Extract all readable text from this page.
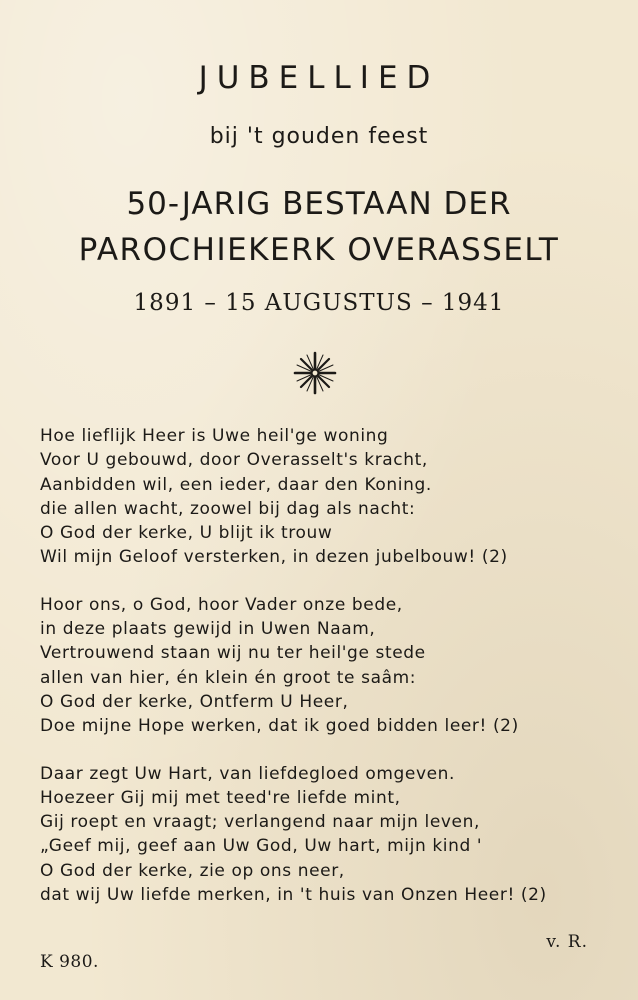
JUBELLIED
bij 't gouden feest
50-JARIG BESTAAN DER
PAROCHIEKERK OVERASSELT
1891 – 15 AUGUSTUS – 1941
Hoe lieflijk Heer is Uwe heil'ge woning
Voor U gebouwd, door Overasselt's kracht,
Aanbidden wil, een ieder, daar den Koning.
die allen wacht, zoowel bij dag als nacht:
O God der kerke, U blijt ik trouw
Wil mijn Geloof versterken, in dezen jubelbouw! (2)
Hoor ons, o God, hoor Vader onze bede,
in deze plaats gewijd in Uwen Naam,
Vertrouwend staan wij nu ter heil'ge stede
allen van hier, én klein én groot te saâm:
O God der kerke, Ontferm U Heer,
Doe mijne Hope werken, dat ik goed bidden leer! (2)
Daar zegt Uw Hart, van liefdegloed omgeven.
Hoezeer Gij mij met teed're liefde mint,
Gij roept en vraagt; verlangend naar mijn leven,
„Geef mij, geef aan Uw God, Uw hart, mijn kind '
O God der kerke, zie op ons neer,
dat wij Uw liefde merken, in 't huis van Onzen Heer! (2)
v. R.
K 980.
